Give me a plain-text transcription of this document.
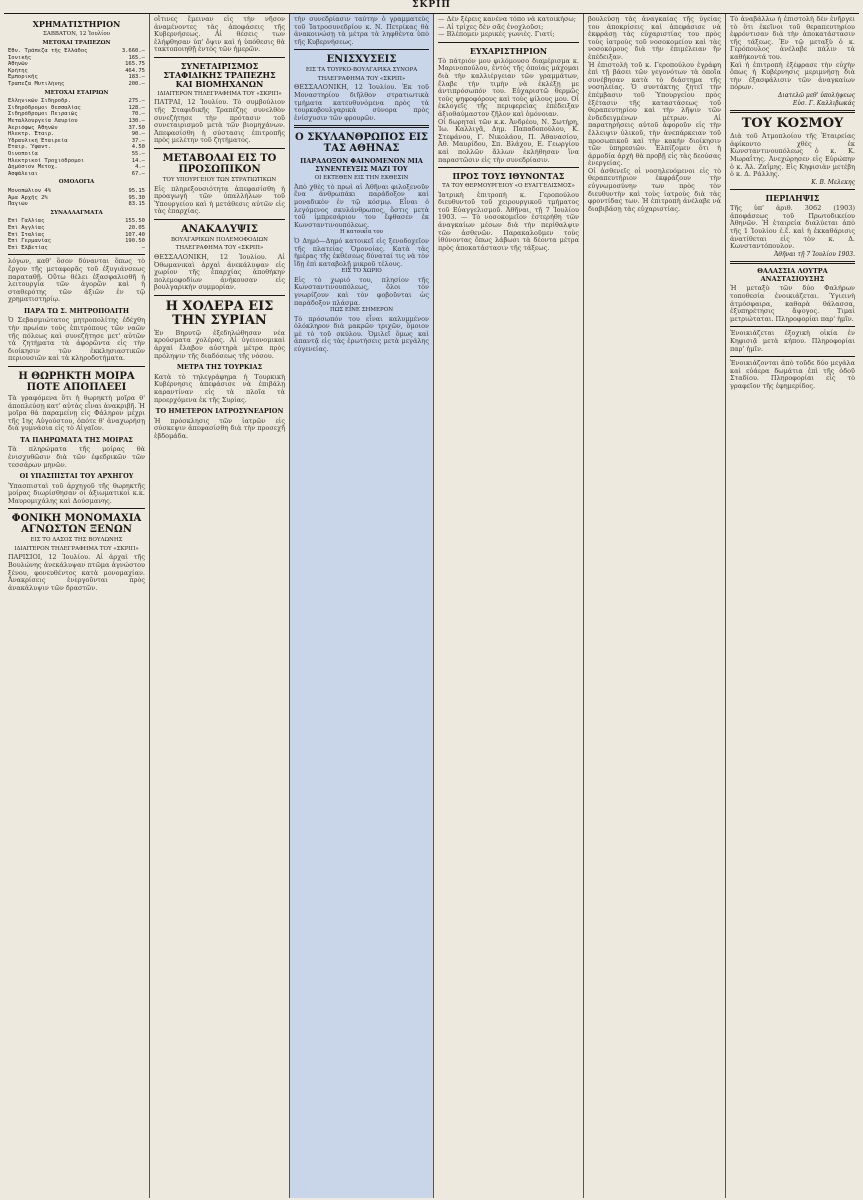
ΣΚΡΙΠ
ΧΡΗΜΑΤΙΣΤΗΡΙΟΝ
ΣΑΒΒΑΤΟΝ, 12 Ἰουλίου
ΜΕΤΟΧΑΙ ΤΡΑΠΕΖΩΝ
Ἐθν. Τράπεζα τῆς Ἑλλάδος	3.660.—
Ἰονικῆς	165.—
Ἀθηνῶν	165.75
Κρήτης	464.75
Ἐμπορικῆς	183.—
Τραπεζα Μυτιλήνης	200.—
ΜΕΤΟΧΑΙ ΕΤΑΙΡΙΩΝ
Ἑλληνικῶν Σιδηροδρ.	275.—
Σιδηρόδρομοι Θεσσαλίας	128.—
Σιδηρόδρομοι Πειραιῶς	70.—
Μεταλλουργεία Λαυρίου	130.—
Ἀεριόφως Ἀθηνῶν	37.50
Ηλεκτρ. Ἑταιρ.	90.—
Ὑδραυλική Ἑταιρεία	37.—
Ἑταιρ. Ὑφαντ.	4.50
Ὀινοποιΐα	55.—
Ἠλεκτρικοὶ Τροχιόδρομοι	14.—
Δημόσιον Μετοχ.	4.—
Ἀσφάλειαι	67.—
ΟΜΟΛΟΓΙΑ
Μονοπώλιον 4%	95.15
Ἄμα Ἀρχῆς 2%	95.30
Παγιών	83.15
ΣΥΝΑΛΛΑΓΜΑΤΑ
Ἐπὶ Γαλλίας	155.50
Ἐπὶ Ἀγγλίας	20.05
Ἐπὶ Ἰταλίας	107.40
Ἐπὶ Γερμανίας	190.50
Ἐπὶ Ἑλβετίας	—
λόγων, καθ' ὅσον δύνανται ὅπως τὸ ἔργον τῆς μεταφορᾶς τοῦ ἐξυγιάνσεως παραταθῇ. Οὕτω θέλει ἐξασφαλισθῆ ἡ λειτουργία τῶν ἀγορῶν καὶ ἡ σταθερότης τῶν ἀξιῶν ἐν τῷ χρηματιστηρίῳ.
ΠΑΡΑ ΤΩ Σ. ΜΗΤΡΟΠΟΛΙΤΗ
Ὁ Σεβασμιώτατος μητροπολίτης ἐδέχθη τὴν πρωίαν τοὺς ἐπιτρόπους τῶν ναῶν τῆς πόλεως καὶ συνεζήτησε μετ' αὐτῶν τὰ ζητήματα τὰ ἀφορῶντα εἰς τὴν διοίκησιν τῶν ἐκκλησιαστικῶν περιουσιῶν καὶ τὰ κληροδοτήματα.
Η ΘΩΡΗΚΤΗ ΜΟΙΡΑ ΠΟΤΕ ΑΠΟΠΛΕΕΙ
Τὰ γραφόμενα ὅτι ἡ θωρηκτὴ μοῖρα θ' ἀποπλεύσῃ κατ' αὐτὰς εἶναι ἀνακριβῆ. Ἡ μοῖρα θὰ παραμείνῃ εἰς Φάληρον μέχρι τῆς 1ης Αὐγούστου, ὁπότε θ' ἀναχωρήσῃ διὰ γυμνάσια εἰς τὸ Αἰγαῖον.
ΤΑ ΠΛΗΡΩΜΑΤΑ ΤΗΣ ΜΟΙΡΑΣ
Τὰ πληρώματα τῆς μοίρας θὰ ἐνισχυθῶσιν διὰ τῶν ἐφεδρικῶν τῶν τεσσάρων μηνῶν.
ΟΙ ΥΠΑΣΠΙΣΤΑΙ ΤΟΥ ΑΡΧΗΓΟΥ
Ὑπασπισταὶ τοῦ ἀρχηγοῦ τῆς θωρηκτῆς μοίρας διωρίσθησαν οἱ ἀξιωματικοὶ κ.κ. Μαυρομιχάλης καὶ Δούσμανης.
ΦΟΝΙΚΗ ΜΟΝΟΜΑΧΙΑ ΑΓΝΩΣΤΩΝ ΞΕΝΩΝ
ΕΙΣ ΤΟ ΔΑΣΟΣ ΤΗΣ ΒΟΥΛΩΝΗΣ
ΙΔΙΑΙΤΕΡΟΝ ΤΗΛΕΓΡΑΦΗΜΑ ΤΟΥ «ΣΚΡΙΠ»
ΠΑΡΙΣΙΟΙ, 12 Ἰουλίου. Αἱ ἀρχαὶ τῆς Βουλώνης ἀνεκάλυψαν πτῶμα ἀγνώστου ξένου, φονευθέντος κατὰ μονομαχίαν. Ἀνακρίσεις ἐνεργοῦνται πρὸς ἀνακάλυψιν τῶν δραστῶν.
οἵτινες ἔμειναν εἰς τὴν νῆσον ἀναμένοντες τὰς ἀποφάσεις τῆς Κυβερνήσεως. Αἱ θέσεις των ἐλήφθησαν ὑπ' ὄψιν καὶ ἡ ὑπόθεσις θὰ τακτοποιηθῇ ἐντὸς τῶν ἡμερῶν.
ΣΥΝΕΤΑΙΡΙΣΜΟΣ ΣΤΑΦΙΔΙΚΗΣ ΤΡΑΠΕΖΗΣ ΚΑΙ ΒΙΟΜΗΧΑΝΩΝ
ΙΔΙΑΙΤΕΡΟΝ ΤΗΛΕΓΡΑΦΗΜΑ ΤΟΥ «ΣΚΡΙΠ»
ΠΑΤΡΑΙ, 12 Ἰουλίου. Τὸ συμβούλιον τῆς Σταφιδικῆς Τραπέζης συνελθὸν συνεζήτησε τὴν πρότασιν τοῦ συνεταιρισμοῦ μετὰ τῶν βιομηχάνων. Ἀπεφασίσθη ἡ σύστασις ἐπιτροπῆς πρὸς μελέτην τοῦ ζητήματος.
ΜΕΤΑΒΟΛΑΙ ΕΙΣ ΤΟ ΠΡΟΣΩΠΙΚΟΝ
ΤΟΥ ΥΠΟΥΡΓΕΙΟΥ ΤΩΝ ΣΤΡΑΤΙΩΤΙΚΩΝ
Εἰς πληρεξουσιότητα ἀπεφασίσθη ἡ προαγωγὴ τῶν ὑπαλλήλων τοῦ Ὑπουργείου καὶ ἡ μετάθεσις αὐτῶν εἰς τὰς ἐπαρχίας.
ΑΝΑΚΑΛΥΨΙΣ
ΒΟΥΛΓΑΡΙΚΩΝ ΠΟΛΕΜΟΦΟΔΙΩΝ
ΤΗΛΕΓΡΑΦΗΜΑ ΤΟΥ «ΣΚΡΙΠ»
ΘΕΣΣΑΛΟΝΙΚΗ, 12 Ἰουλίου. Αἱ Ὀθωμανικαὶ ἀρχαὶ ἀνεκάλυψαν εἰς χωρίον τῆς ἐπαρχίας ἀποθήκην πολεμοφοδίων ἀνήκουσαν εἰς βουλγαρικὴν συμμορίαν.
Η ΧΟΛΕΡΑ ΕΙΣ ΤΗΝ ΣΥΡΙΑΝ
Ἐν Βηρυτῷ ἐξεδηλώθησαν νέα κρούσματα χολέρας. Αἱ ὑγειονομικαὶ ἀρχαὶ ἔλαβον αὐστηρὰ μέτρα πρὸς πρόληψιν τῆς διαδόσεως τῆς νόσου.
ΜΕΤΡΑ ΤΗΣ ΤΟΥΡΚΙΑΣ
Κατὰ τὸ τηλεγράφημα ἡ Τουρκικὴ Κυβέρνησις ἀπεφάσισε νὰ ἐπιβάλῃ καραντίναν εἰς τὰ πλοῖα τὰ προερχόμενα ἐκ τῆς Συρίας.
ΤΟ ΗΜΕΤΕΡΟΝ ΙΑΤΡΟΣΥΝΕΔΡΙΟΝ
Ἡ πρόσκλησις τῶν ἰατρῶν εἰς σύσκεψιν ἀπεφασίσθη διὰ τὴν προσεχῆ ἑβδομάδα.
τὴν συνεδρίασιν ταύτην ὁ γραμματεὺς τοῦ Ἰατροσυνεδρίου κ. Ν. Πετρίκας θὰ ἀνακοινώσῃ τὰ μέτρα τὰ ληφθέντα ὑπὸ τῆς Κυβερνήσεως.
ΕΝΙΣΧΥΣΕΙΣ
ΕΙΣ ΤΑ ΤΟΥΡΚΟ-ΒΟΥΛΓΑΡΙΚΑ ΣΥΝΟΡΑ
ΤΗΛΕΓΡΑΦΗΜΑ ΤΟΥ «ΣΚΡΙΠ»
ΘΕΣΣΑΛΟΝΙΚΗ, 12 Ἰουλίου. Ἐκ τοῦ Μοναστηρίου διῆλθον στρατιωτικὰ τμήματα κατευθυνόμενα πρὸς τὰ τουρκοβουλγαρικὰ σύνορα πρὸς ἐνίσχυσιν τῶν φρουρῶν.
Ο ΣΚΥΛΑΝΘΡΩΠΟΣ ΕΙΣ ΤΑΣ ΑΘΗΝΑΣ
ΠΑΡΑΔΟΞΟΝ ΦΑΙΝΟΜΕΝΟΝ ΜΙΑ ΣΥΝΕΝΤΕΥΞΙΣ ΜΑΖΙ ΤΟΥ
ΟΙ ΕΚΤΕΘΕΝ ΕΙΣ ΤΗΝ ΕΚΘΕΣΙΝ
Ἀπὸ χθὲς τὸ πρωὶ αἱ Ἀθῆναι φιλοξενοῦν ἕνα ἀνθρωπάκι παράδοξον καὶ μοναδικὸν ἐν τῷ κόσμῳ. Εἶναι ὁ λεγόμενος σκυλάνθρωπος, ὅστις μετὰ τοῦ ἰμπρεσάριου του ἔφθασεν ἐκ Κωνσταντινουπόλεως.
Η κατοικία του
Ὁ Δημό—Δημό κατοικεῖ εἰς ξενοδοχεῖον τῆς πλατείας Ὁμονοίας. Κατὰ τὰς ἡμέρας τῆς ἐκθέσεως δύναταί τις νὰ τὸν ἴδῃ ἐπὶ καταβολῇ μικροῦ τέλους.
ΕΙΣ ΤΟ ΧΩΡΙΟ
Εἰς τὸ χωριό του, πλησίον τῆς Κωνσταντινουπόλεως, ὅλοι τὸν γνωρίζουν καὶ τὸν φοβοῦνται ὡς παράδοξον πλάσμα.
ΠΩΣ ΕΙΝΕ ΣΗΜΕΡΟΝ
Τὸ πρόσωπόν του εἶναι καλυμμένον ὁλόκληρον διὰ μακρῶν τριχῶν, ὅμοιον μὲ τὸ τοῦ σκύλου. Ὁμιλεῖ ὅμως καὶ ἀπαντᾷ εἰς τὰς ἐρωτήσεις μετὰ μεγάλης εὐγενείας.
— Δὲν ξέρεις κανένα τόπο νὰ κατοικήσω;
— Αἱ τρίχες δὲν σᾶς ἐνοχλοῦσι;
— Βλέπομεν μερικὲς γωνιὲς. Γιατί;
ΕΥΧΑΡΙΣΤΗΡΙΟΝ
Τὸ πάτριόν μου φιλόμουσο διαμέρισμα κ. Μαρινοπούλου, ἐντὸς τῆς ὁποίας μάχομαι διὰ τὴν καλλιέργειαν τῶν γραμμάτων, ἔλαβε τὴν τιμὴν νὰ ἐκλέξῃ με ἀντιπρόσωπόν του. Εὐχαριστῶ θερμῶς τοὺς ψηφοφόρους καὶ τοὺς φίλους μου. Οἱ ἐκλογεῖς τῆς περιφερείας ἐπέδειξαν ἀξιοθαύμαστον ζῆλον καὶ ὁμόνοιαν.
Οἱ δωρηταὶ τῶν κ.κ. Ἀνδρέου, Ν. Σωτήρη, Ἰω. Καλλιγᾶ, Δημ. Παπαδοπούλου, Κ. Στεφάνου, Γ. Νικολάου, Π. Ἀθανασίου, Ἀθ. Μαυρίδου, Σπ. Βλάχου, Ε. Γεωργίου καὶ πολλῶν ἄλλων ἐκλήθησαν ἵνα παραστῶσιν εἰς τὴν συνεδρίασιν.
ΠΡΟΣ ΤΟΥΣ ΙΘΥΝΟΝΤΑΣ
ΤΑ ΤΟΥ ΘΕΡΜΟΥΡΓΕΙΟΥ «Ο ΕΥΑΓΓΕΛΙΣΜΟΣ»
Ἰατρικὴ ἐπιτροπὴ κ. Γεροπούλου διευθυντοῦ τοῦ χειρουργικοῦ τμήματος τοῦ Εὐαγγελισμοῦ. Ἀθῆναι, τῇ 7 Ἰουλίου 1903. — Τὸ νοσοκομεῖον ἐστερήθη τῶν ἀναγκαίων μέσων διὰ τὴν περίθαλψιν τῶν ἀσθενῶν. Παρακαλοῦμεν τοὺς ἰθύνοντας ὅπως λάβωσι τὰ δέοντα μέτρα πρὸς ἀποκατάστασιν τῆς τάξεως.
βουλεύσῃ τὰς ἀναγκαίας τῆς ὑγείας του ἀποκρίσεις καὶ ἀπεφάσισε νὰ ἐκφράσῃ τὰς εὐχαριστίας του πρὸς τοὺς ἰατροὺς τοῦ νοσοκομείου καὶ τὰς νοσοκόμους διὰ τὴν ἐπιμέλειαν ἣν ἐπέδειξαν.
Ἡ ἐπιστολὴ τοῦ κ. Γεροπούλου ἐγράφη ἐπὶ τῇ βάσει τῶν γεγονότων τὰ ὁποῖα συνέβησαν κατὰ τὸ διάστημα τῆς νοσηλείας. Ὁ συντάκτης ζητεῖ τὴν ἐπέμβασιν τοῦ Ὑπουργείου πρὸς ἐξέτασιν τῆς καταστάσεως τοῦ θεραπευτηρίου καὶ τὴν λῆψιν τῶν ἐνδεδειγμένων μέτρων. Αἱ παρατηρήσεις αὐτοῦ ἀφοροῦν εἰς τὴν ἔλλειψιν ὑλικοῦ, τὴν ἀνεπάρκειαν τοῦ προσωπικοῦ καὶ τὴν κακὴν διοίκησιν τῶν ὑπηρεσιῶν. Ἐλπίζομεν ὅτι ἡ ἁρμοδία ἀρχὴ θὰ προβῇ εἰς τὰς δεούσας ἐνεργείας.
Οἱ ἀσθενεῖς οἱ νοσηλευόμενοι εἰς τὸ θεραπευτήριον ἐκφράζουν τὴν εὐγνωμοσύνην των πρὸς τὸν διευθυντὴν καὶ τοὺς ἰατροὺς διὰ τὰς φροντίδας των. Ἡ ἐπιτροπὴ ἀνέλαβε νὰ διαβιβάσῃ τὰς εὐχαριστίας.
Τὸ ἀναβάλλω ἡ ἐπιστολὴ δὲν ἐνῆργει τὸ ὅτι ἐκεῖνοι τοῦ θεραπευτηρίου ἐφρόντισαν διὰ τὴν ἀποκατάστασιν τῆς τάξεως. Ἐν τῷ μεταξὺ ὁ κ. Γερόπουλος ἀνέλαβε πάλιν τὰ καθήκοντά του.
Καὶ ἡ ἐπιτροπὴ ἐξέφρασε τὴν εὐχὴν ὅπως ἡ Κυβέρνησις μεριμνήσῃ διὰ τὴν ἐξασφάλισιν τῶν ἀναγκαίων πόρων.
Διατελῶ μεθ' ὑπολήψεως
Εὐσ. Γ. Καλλιβωκάς
ΤΟΥ ΚΟΣΜΟΥ
Διὰ τοῦ Ἀτμοπλοίου τῆς Ἑταιρείας ἀφίκοντο χθὲς ἐκ Κωνσταντινουπόλεως ὁ κ. Κ. Μωραΐτης. Ἀνεχώρησεν εἰς Εὐρώπην ὁ κ. Ἀλ. Ζαΐμης. Εἰς Κηφισιὰν μετέβη ὁ κ. Δ. Ράλλης.
Κ. Β. Μελεκης
ΠΕΡΙΛΗΨΙΣ
Τῆς ὑπ' ἀριθ. 3062 (1903) ἀποφάσεως τοῦ Πρωτοδικείου Ἀθηνῶν. Ἡ ἐταιρεία διαλύεται ἀπὸ τῆς 1 Ἰουλίου ἐ.ἔ. καὶ ἡ ἐκκαθάρισις ἀνατίθεται εἰς τὸν κ. Δ. Κωνσταντόπουλον.
Ἀθῆναι τῇ 7 Ἰουλίου 1903.
ΘΑΛΑΣΣΙΑ ΛΟΥΤΡΑ ΑΝΑΣΤΑΣΙΟΥΣΗΣ
Ἡ μεταξὺ τῶν δύο Φαλήρων τοποθεσία ἐνοικιάζεται. Ὑγιεινὴ ἀτμόσφαιρα, καθαρὰ θάλασσα, ἐξυπηρέτησις ἄψογος. Τιμαὶ μετριώταται. Πληροφορίαι παρ' ἡμῖν.
Ἐνοικιάζεται ἐξοχικὴ οἰκία ἐν Κηφισιᾷ μετὰ κήπου. Πληροφορίαι παρ' ἡμῖν.
Ἐνοικιάζονται ἀπὸ τοῦδε δύο μεγάλα καὶ εὐάερα δωμάτια ἐπὶ τῆς ὁδοῦ Σταδίου. Πληροφορίαι εἰς τὸ γραφεῖον τῆς ἐφημερίδος.
